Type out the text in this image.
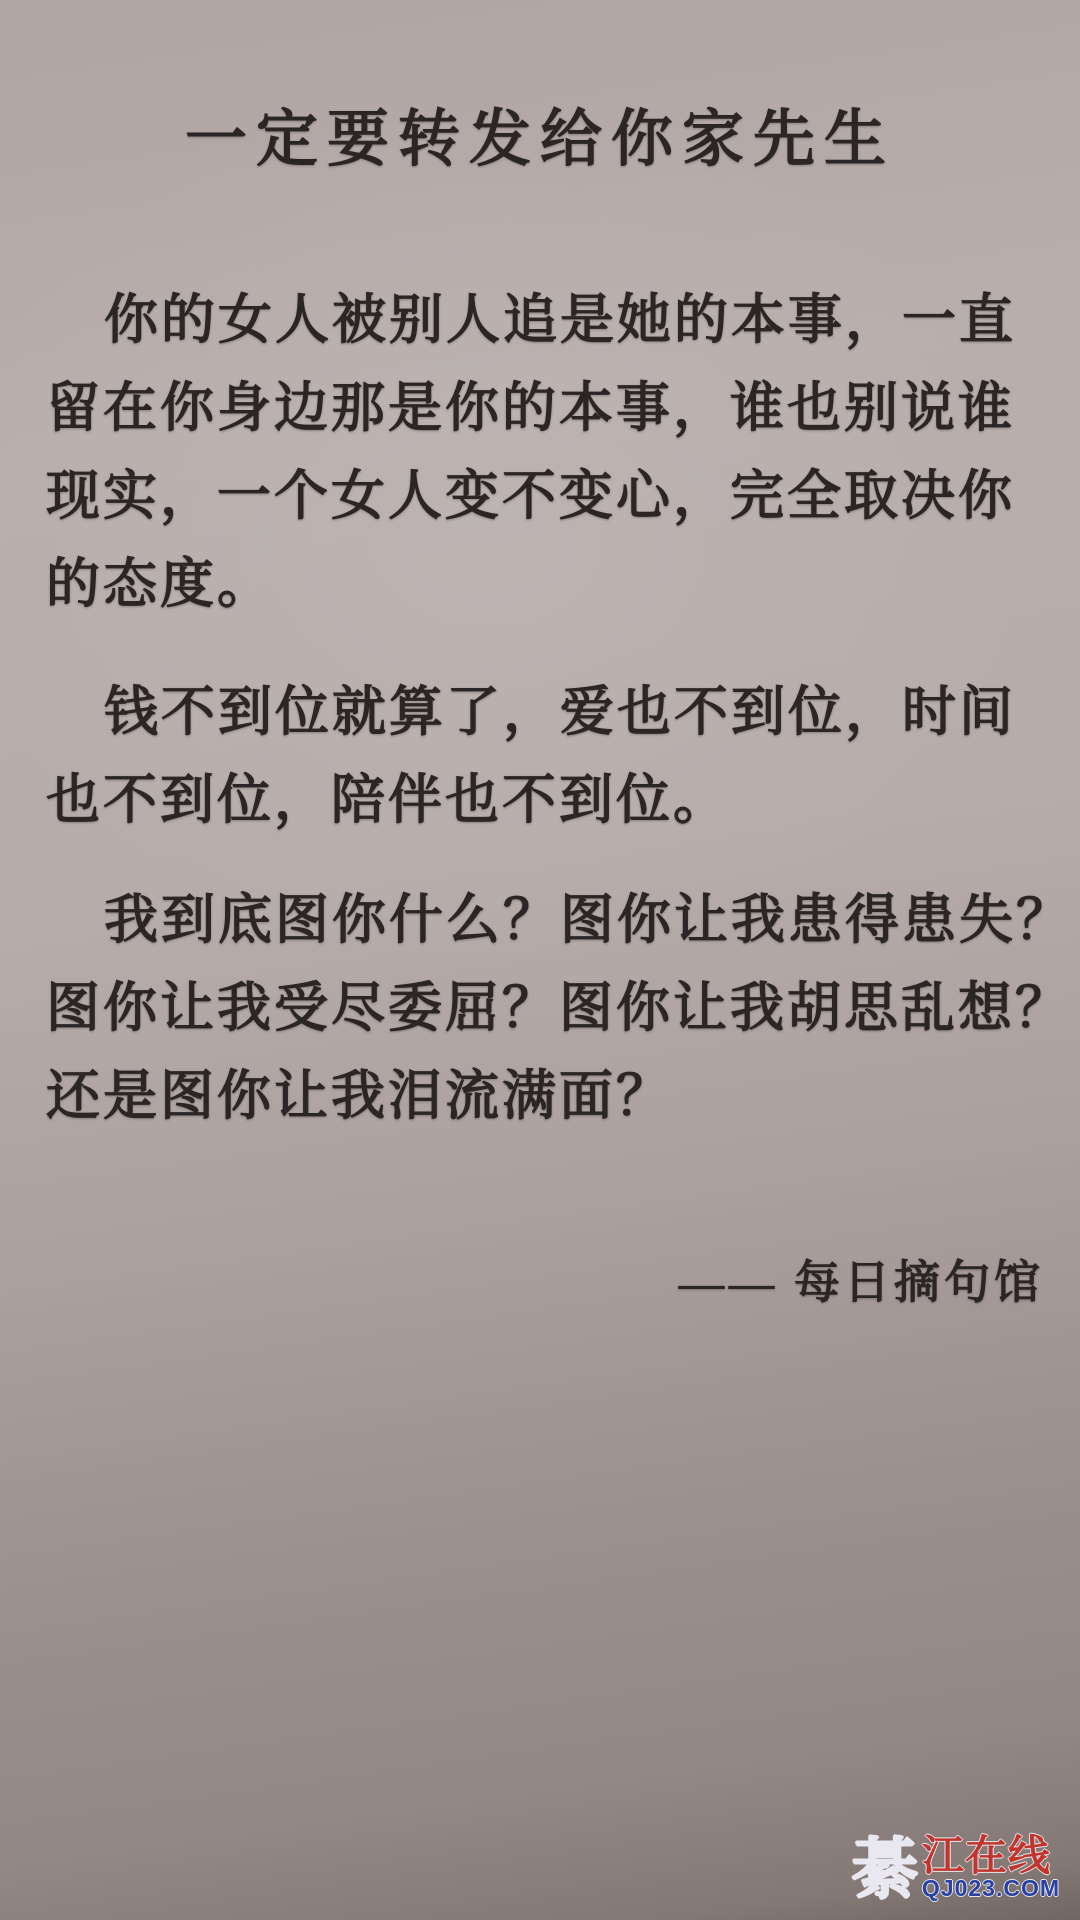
一定要转发给你家先生
你的女人被别人追是她的本事，一直
留在你身边那是你的本事，谁也别说谁
现实，一个女人变不变心，完全取决你
的态度。
钱不到位就算了，爱也不到位，时间
也不到位，陪伴也不到位。
我到底图你什么？图你让我患得患失？
图你让我受尽委屈？图你让我胡思乱想？
还是图你让我泪流满面？
—— 每日摘句馆
綦 江在线
QJ023.COM
